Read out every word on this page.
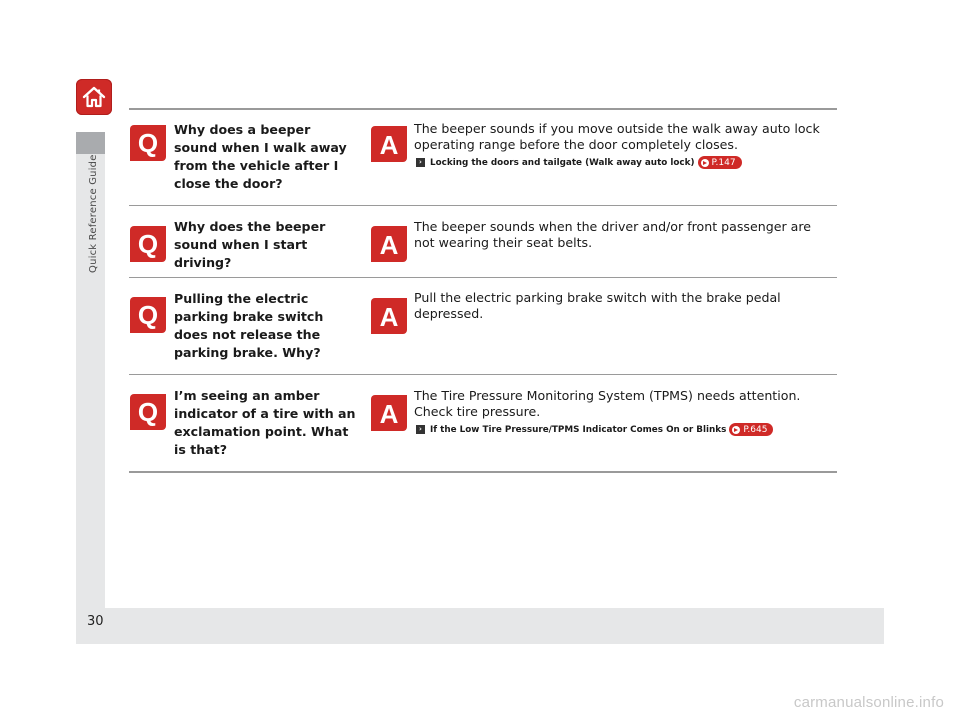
Quick Reference Guide
30
Q Why does a beeper sound when I walk away from the vehicle after I close the door?
A
The beeper sounds if you move outside the walk away auto lock operating range before the door completely closes.
› Locking the doors and tailgate (Walk away auto lock) P.147
Q
Why does the beeper sound when I start driving?
A
The beeper sounds when the driver and/or front passenger are not wearing their seat belts.
Q
Pulling the electric parking brake switch does not release the parking brake. Why?
A
Pull the electric parking brake switch with the brake pedal depressed.
Q
I’m seeing an amber indicator of a tire with an exclamation point. What is that?
A
The Tire Pressure Monitoring System (TPMS) needs attention. Check tire pressure.
› If the Low Tire Pressure/TPMS Indicator Comes On or Blinks P.645
carmanualsonline.info
